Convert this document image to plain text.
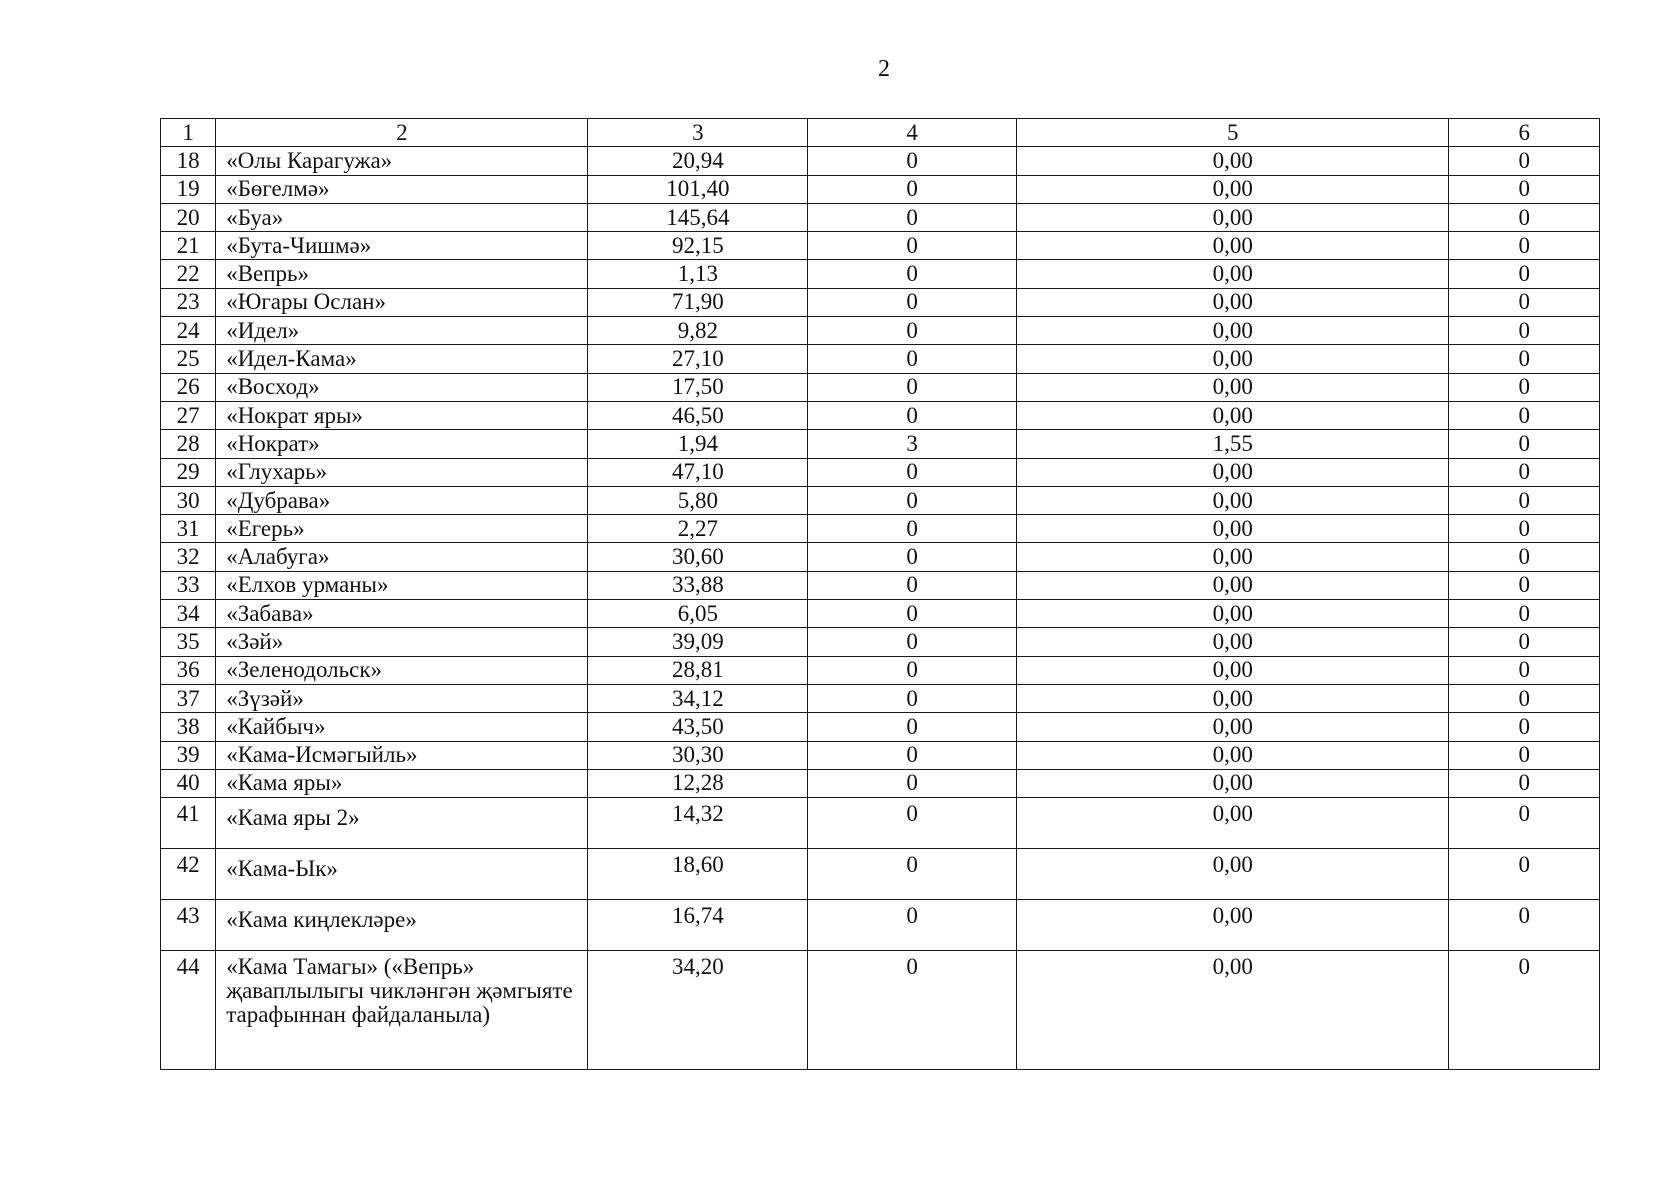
2
1	2	3	4	5	6
18	«Олы Карагужа»	20,94	0	0,00	0
19	«Бөгелмә»	101,40	0	0,00	0
20	«Буа»	145,64	0	0,00	0
21	«Бута-Чишмә»	92,15	0	0,00	0
22	«Вепрь»	1,13	0	0,00	0
23	«Югары Ослан»	71,90	0	0,00	0
24	«Идел»	9,82	0	0,00	0
25	«Идел-Кама»	27,10	0	0,00	0
26	«Восход»	17,50	0	0,00	0
27	«Нократ яры»	46,50	0	0,00	0
28	«Нократ»	1,94	3	1,55	0
29	«Глухарь»	47,10	0	0,00	0
30	«Дубрава»	5,80	0	0,00	0
31	«Егерь»	2,27	0	0,00	0
32	«Алабуга»	30,60	0	0,00	0
33	«Елхов урманы»	33,88	0	0,00	0
34	«Забава»	6,05	0	0,00	0
35	«Зәй»	39,09	0	0,00	0
36	«Зеленодольск»	28,81	0	0,00	0
37	«Зүзәй»	34,12	0	0,00	0
38	«Кайбыч»	43,50	0	0,00	0
39	«Кама-Исмәгыйль»	30,30	0	0,00	0
40	«Кама яры»	12,28	0	0,00	0
41	«Кама яры 2»	14,32	0	0,00	0
42	«Кама-Ык»	18,60	0	0,00	0
43	«Кама киңлекләре»	16,74	0	0,00	0
44	«Кама Тамагы» («Вепрь» җаваплылыгы чикләнгән җәмгыяте тарафыннан файдаланыла)	34,20	0	0,00	0
